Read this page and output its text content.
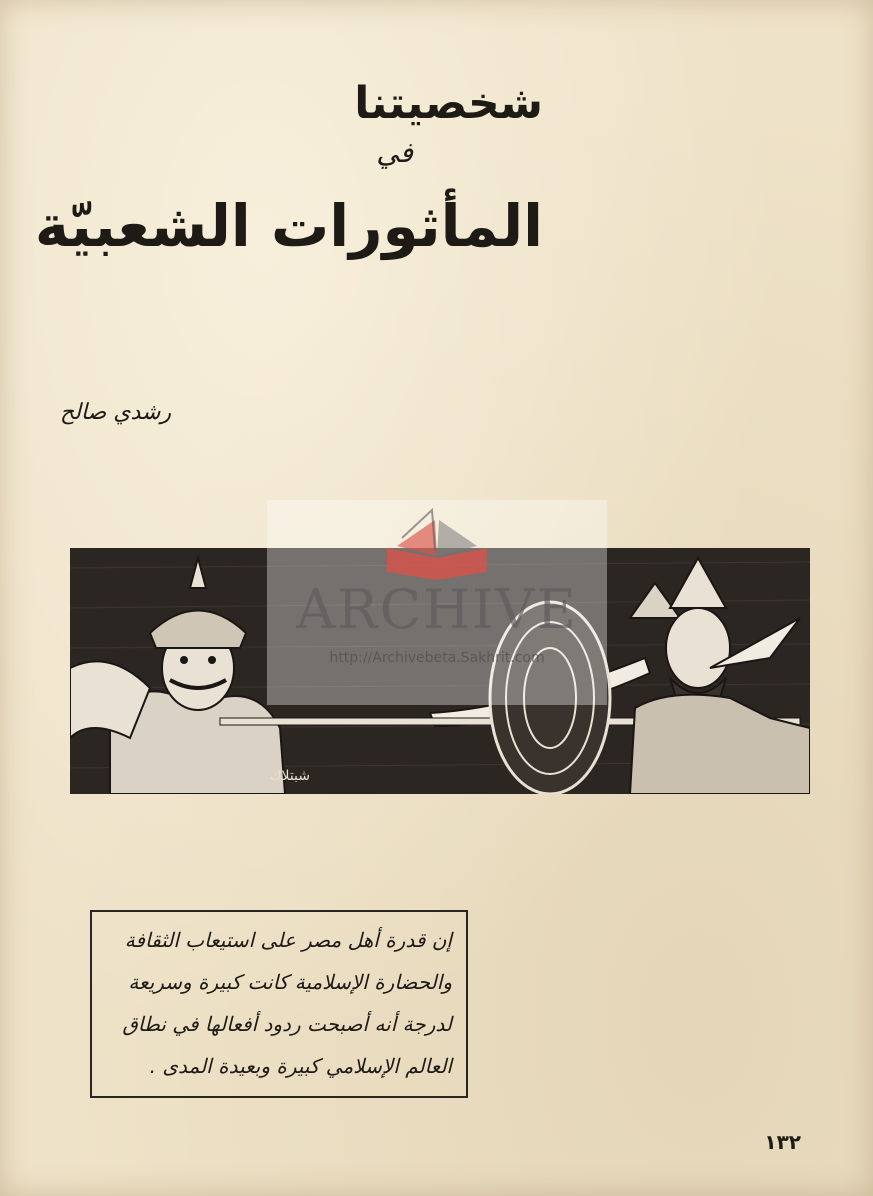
شخصيتنا
في
المأثورات الشعبيّة
رشدي صالح
شبتلاك
ARCHIVE
http://Archivebeta.Sakhrit.com
إن قدرة أهل مصر على استيعاب الثقافة
والحضارة الإسلامية كانت كبيرة وسريعة
لدرجة أنه أصبحت ردود أفعالها في نطاق
العالم الإسلامي كبيرة وبعيدة المدى .
١٣٢
